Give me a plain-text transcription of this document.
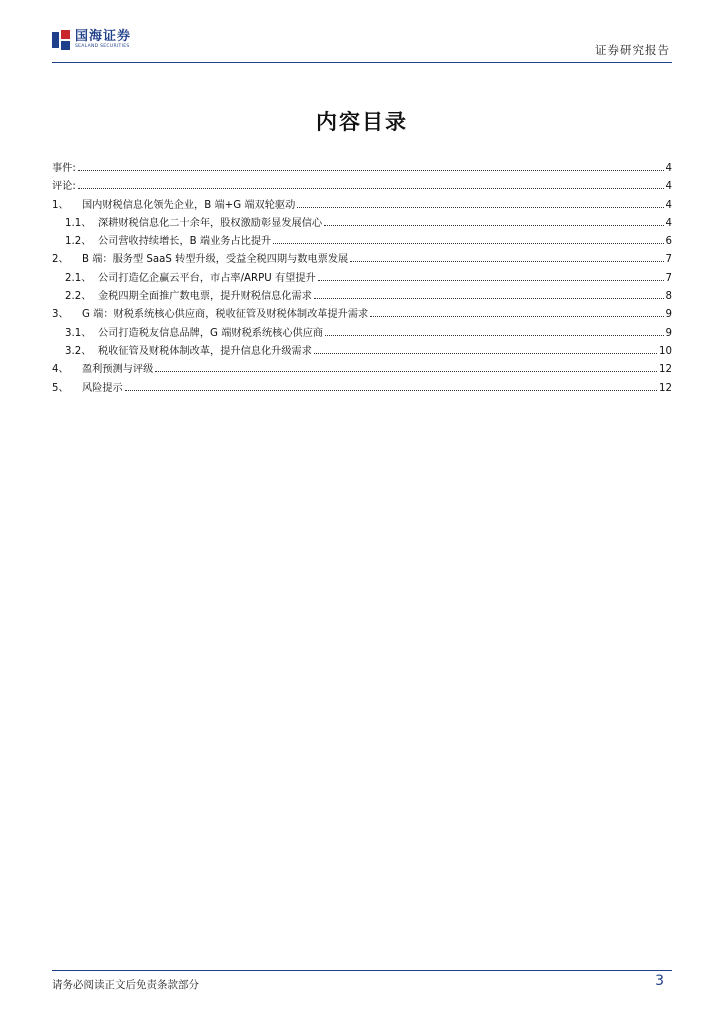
国海证券
SEALAND SECURITIES	证券研究报告
内容目录
事件:	4
评论:	4
1、	国内财税信息化领先企业，B 端+G 端双轮驱动	4
1.1、 深耕财税信息化二十余年，股权激励彰显发展信心	4
1.2、 公司营收持续增长，B 端业务占比提升	6
2、	B 端：服务型 SaaS 转型升级，受益全税四期与数电票发展	7
2.1、 公司打造亿企赢云平台，市占率/ARPU 有望提升	7
2.2、 金税四期全面推广数电票，提升财税信息化需求	8
3、	G 端：财税系统核心供应商，税收征管及财税体制改革提升需求	9
3.1、 公司打造税友信息品牌，G 端财税系统核心供应商	9
3.2、 税收征管及财税体制改革，提升信息化升级需求	10
4、	盈利预测与评级	12
5、	风险提示	12
请务必阅读正文后免责条款部分	3
